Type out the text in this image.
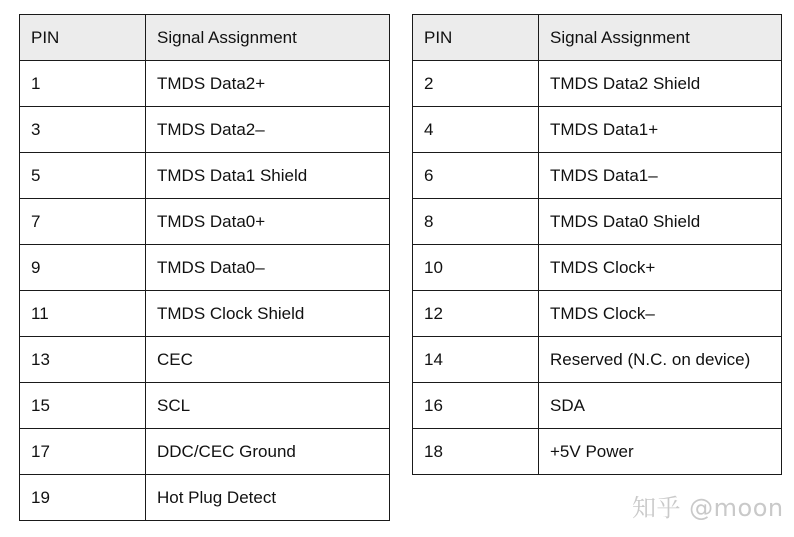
PIN	Signal Assignment
1	TMDS Data2+
3	TMDS Data2–
5	TMDS Data1 Shield
7	TMDS Data0+
9	TMDS Data0–
11	TMDS Clock Shield
13	CEC
15	SCL
17	DDC/CEC Ground
19	Hot Plug Detect
PIN	Signal Assignment
2	TMDS Data2 Shield
4	TMDS Data1+
6	TMDS Data1–
8	TMDS Data0 Shield
10	TMDS Clock+
12	TMDS Clock–
14	Reserved (N.C. on device)
16	SDA
18	+5V Power
知乎 @moon
